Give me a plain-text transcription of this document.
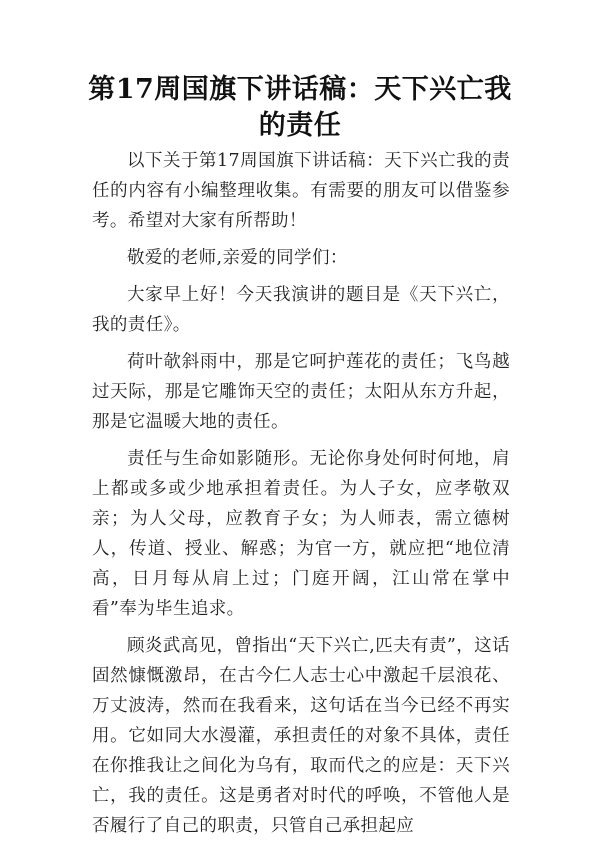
第17周国旗下讲话稿：天下兴亡我的责任

以下关于第17周国旗下讲话稿：天下兴亡我的责任的内容有小编整理收集。有需要的朋友可以借鉴参考。希望对大家有所帮助！

敬爱的老师,亲爱的同学们：

大家早上好！今天我演讲的题目是《天下兴亡，我的责任》。

荷叶欹斜雨中，那是它呵护莲花的责任；飞鸟越过天际，那是它雕饰天空的责任；太阳从东方升起，那是它温暖大地的责任。

责任与生命如影随形。无论你身处何时何地，肩上都或多或少地承担着责任。为人子女，应孝敬双亲；为人父母，应教育子女；为人师表，需立德树人，传道、授业、解惑；为官一方，就应把“地位清高，日月每从肩上过；门庭开阔，江山常在掌中看”奉为毕生追求。

顾炎武高见，曾指出“天下兴亡,匹夫有责”，这话固然慷慨激昂，在古今仁人志士心中激起千层浪花、万丈波涛，然而在我看来，这句话在当今已经不再实用。它如同大水漫灌，承担责任的对象不具体，责任在你推我让之间化为乌有，取而代之的应是：天下兴亡，我的责任。这是勇者对时代的呼唤，不管他人是否履行了自己的职责，只管自己承担起应
